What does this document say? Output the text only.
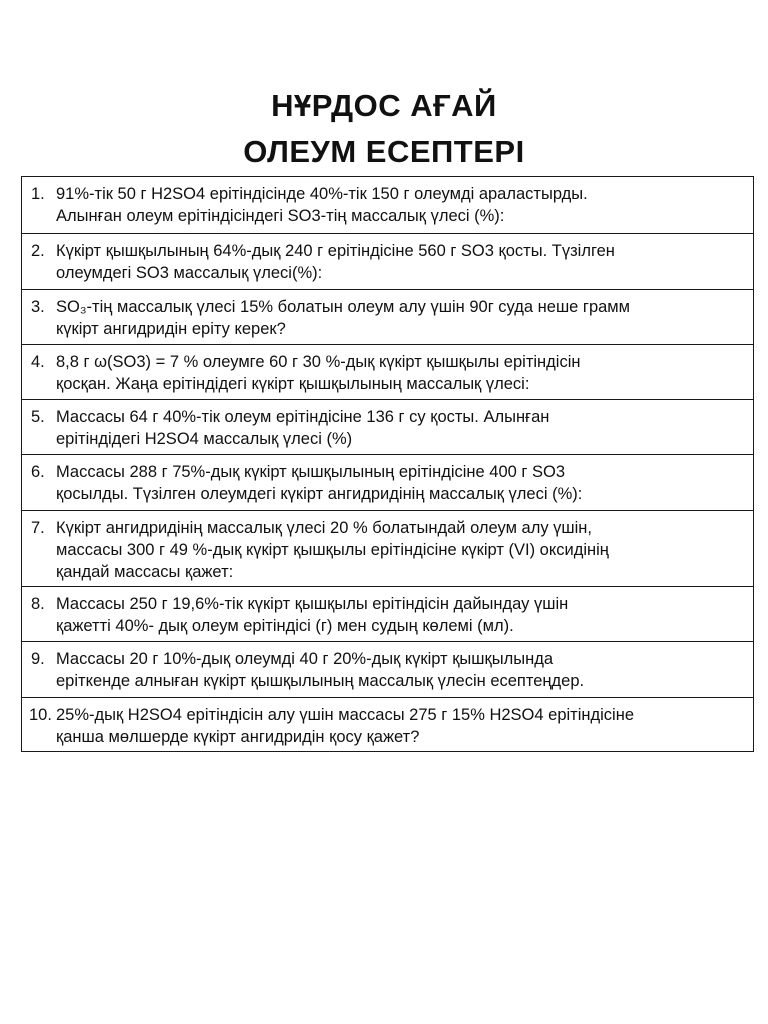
НҰРДОС АҒАЙ
ОЛЕУМ ЕСЕПТЕРІ
1. 91%-тік 50 г H2SO4 ерітіндісінде 40%-тік 150 г олеумді араластырды.
Алынған олеум ерітіндісіндегі SO3-тің массалық үлесі (%):
2. Күкірт қышқылының 64%-дық 240 г ерітіндісіне 560 г SO3 қосты. Түзілген
олеумдегі SO3 массалық үлесі(%):
3. SO₃-тің массалық үлесі 15% болатын олеум алу үшін 90г суда неше грамм
күкірт ангидридін еріту керек?
4. 8,8 г ω(SO3) = 7 % олеумге 60 г 30 %-дық күкірт қышқылы ерітіндісін
қосқан. Жаңа ерітіндідегі күкірт қышқылының массалық үлесі:
5. Массасы 64 г 40%-тік олеум ерітіндісіне 136 г су қосты. Алынған
ерітіндідегі H2SO4 массалық үлесі (%)
6. Массасы 288 г 75%-дық күкірт қышқылының ерітіндісіне 400 г SO3
қосылды. Түзілген олеумдегі күкірт ангидридінің массалық үлесі (%):
7. Күкірт ангидридінің массалық үлесі 20 % болатындай олеум алу үшін,
массасы 300 г 49 %-дық күкірт қышқылы ерітіндісіне күкірт (VI) оксидінің
қандай массасы қажет:
8. Массасы 250 г 19,6%-тік күкірт қышқылы ерітіндісін дайындау үшін
қажетті 40%- дық олеум ерітіндісі (г) мен судың көлемі (мл).
9. Массасы 20 г 10%-дық олеумді 40 г 20%-дық күкірт қышқылында
еріткенде алныған күкірт қышқылының массалық үлесін есептеңдер.
10. 25%-дық H2SO4 ерітіндісін алу үшін массасы 275 г 15% H2SO4 ерітіндісіне
қанша мөлшерде күкірт ангидридін қосу қажет?
